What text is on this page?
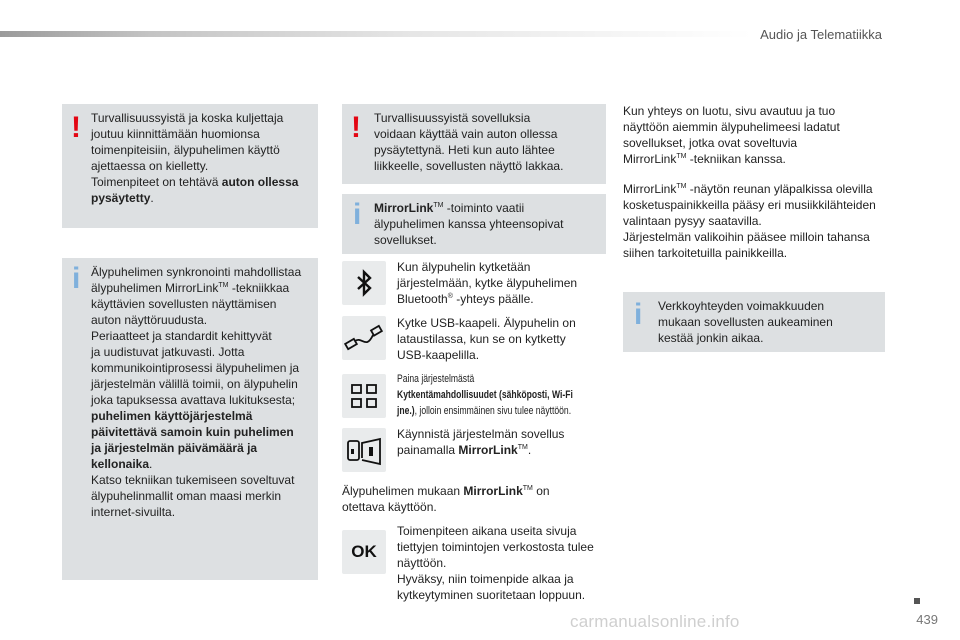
Audio ja Telematiikka
! Turvallisuussyistä ja koska kuljettaja
joutuu kiinnittämään huomionsa
toimenpiteisiin, älypuhelimen käyttö
ajettaessa on kielletty.
Toimenpiteet on tehtävä auton ollessa
pysäytetty.
i Älypuhelimen synkronointi mahdollistaa
älypuhelimen MirrorLink™ -tekniikkaa
käyttävien sovellusten näyttämisen
auton näyttöruudusta.
Periaatteet ja standardit kehittyvät
ja uudistuvat jatkuvasti. Jotta
kommunikointiprosessi älypuhelimen ja
järjestelmän välillä toimii, on älypuhelin
joka tapuksessa avattava lukituksesta;
puhelimen käyttöjärjestelmä
päivitettävä samoin kuin puhelimen
ja järjestelmän päivämäärä ja
kellonaika.
Katso tekniikan tukemiseen soveltuvat
älypuhelinmallit oman maasi merkin
internet-sivuilta.
! Turvallisuussyistä sovelluksia
voidaan käyttää vain auton ollessa
pysäytettynä. Heti kun auto lähtee
liikkeelle, sovellusten näyttö lakkaa.
i MirrorLink™ -toiminto vaatii
älypuhelimen kanssa yhteensopivat
sovellukset.
Kun älypuhelin kytketään
järjestelmään, kytke älypuhelimen
Bluetooth® -yhteys päälle.
Kytke USB-kaapeli. Älypuhelin on
lataustilassa, kun se on kytketty
USB-kaapelilla.
Paina järjestelmästä
Kytkentämahdollisuudet (sähköposti, Wi-Fi
jne.), jolloin ensimmäinen sivu tulee näyttöön.
Käynnistä järjestelmän sovellus
painamalla MirrorLink™.
Älypuhelimen mukaan MirrorLink™ on
otettava käyttöön.
OK
Toimenpiteen aikana useita sivuja
tiettyjen toimintojen verkostosta tulee
näyttöön.
Hyväksy, niin toimenpide alkaa ja
kytkeytyminen suoritetaan loppuun.
Kun yhteys on luotu, sivu avautuu ja tuo
näyttöön aiemmin älypuhelimeesi ladatut
sovellukset, jotka ovat soveltuvia
MirrorLink™ -tekniikan kanssa.
MirrorLink™ -näytön reunan yläpalkissa olevilla
kosketuspainikkeilla pääsy eri musiikkilähteiden
valintaan pysyy saatavilla.
Järjestelmän valikoihin pääsee milloin tahansa
siihen tarkoitetuilla painikkeilla.
i Verkkoyhteyden voimakkuuden
mukaan sovellusten aukeaminen
kestää jonkin aikaa.
carmanualsonline.info	439
